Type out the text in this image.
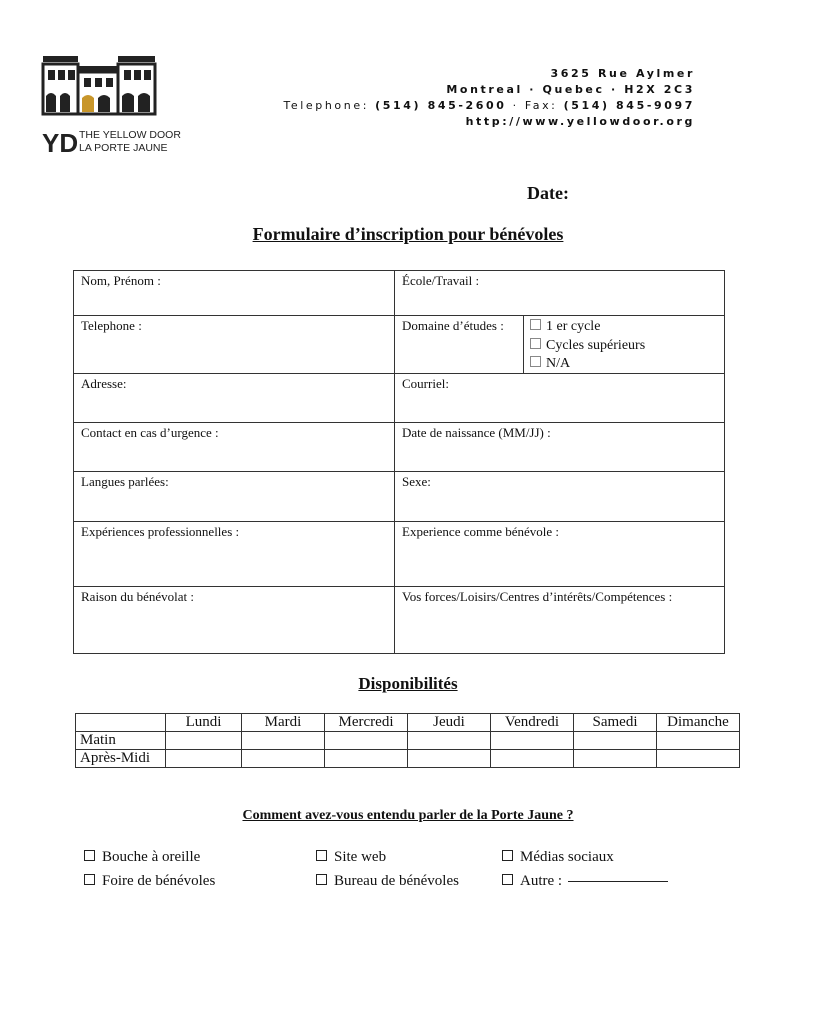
YD THE YELLOW DOOR
LA PORTE JAUNE
3625 Rue Aylmer
Montreal · Quebec · H2X 2C3
Telephone: (514) 845-2600 · Fax: (514) 845-9097
http://www.yellowdoor.org
Date:
Formulaire d’inscription pour bénévoles
Nom, Prénom :	École/Travail :
Telephone :	Domaine d’études :	1 er cycle
Cycles supérieurs
N/A
Adresse:	Courriel:
Contact en cas d’urgence :	Date de naissance (MM/JJ) :
Langues parlées:	Sexe:
Expériences professionnelles :	Experience comme bénévole :
Raison du bénévolat :	Vos forces/Loisirs/Centres d’intérêts/Compétences :
Disponibilités
	Lundi	Mardi	Mercredi	Jeudi	Vendredi	Samedi	Dimanche
Matin							
Après-Midi							
Comment avez-vous entendu parler de la Porte Jaune ?
Bouche à oreille	Site web	Médias sociaux
Foire de bénévoles	Bureau de bénévoles	Autre :
